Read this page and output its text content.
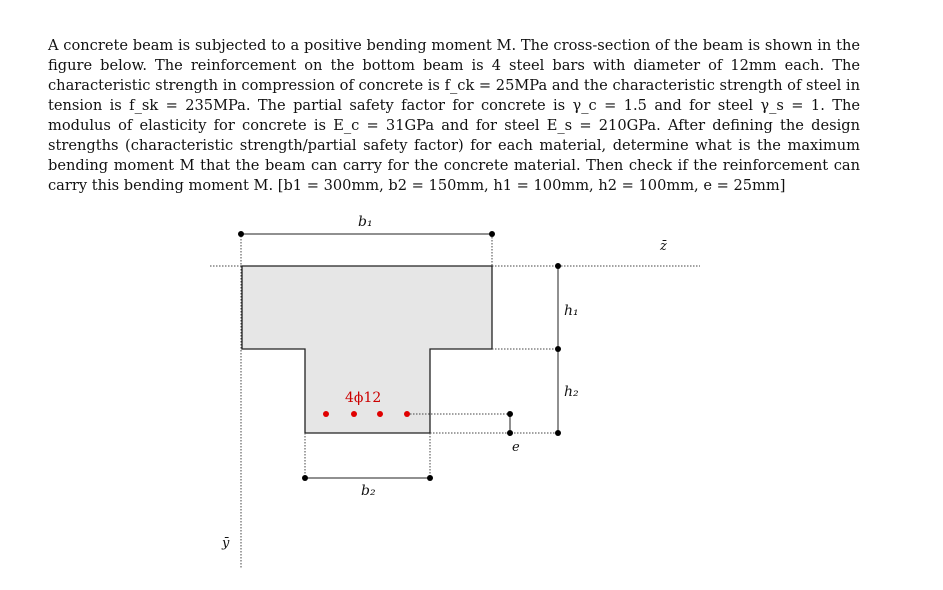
A concrete beam is subjected to a positive bending moment M. The cross-section of the beam is shown in the figure below. The reinforcement on the bottom beam is 4 steel bars with diameter of 12mm each. The characteristic strength in compression of concrete is f_ck = 25MPa and the characteristic strength of steel in tension is f_sk = 235MPa. The partial safety factor for concrete is γ_c = 1.5 and for steel γ_s = 1. The modulus of elasticity for concrete is E_c = 31GPa and for steel E_s = 210GPa. After defining the design strengths (characteristic strength/partial safety factor) for each material, determine what is the maximum bending moment M that the beam can carry for the concrete material. Then check if the reinforcement can carry this bending moment M. [b1 = 300mm, b2 = 150mm, h1 = 100mm, h2 = 100mm, e = 25mm]

b₁
h₁
h₂
e
4ϕ12
b₂
z̄
ȳ
